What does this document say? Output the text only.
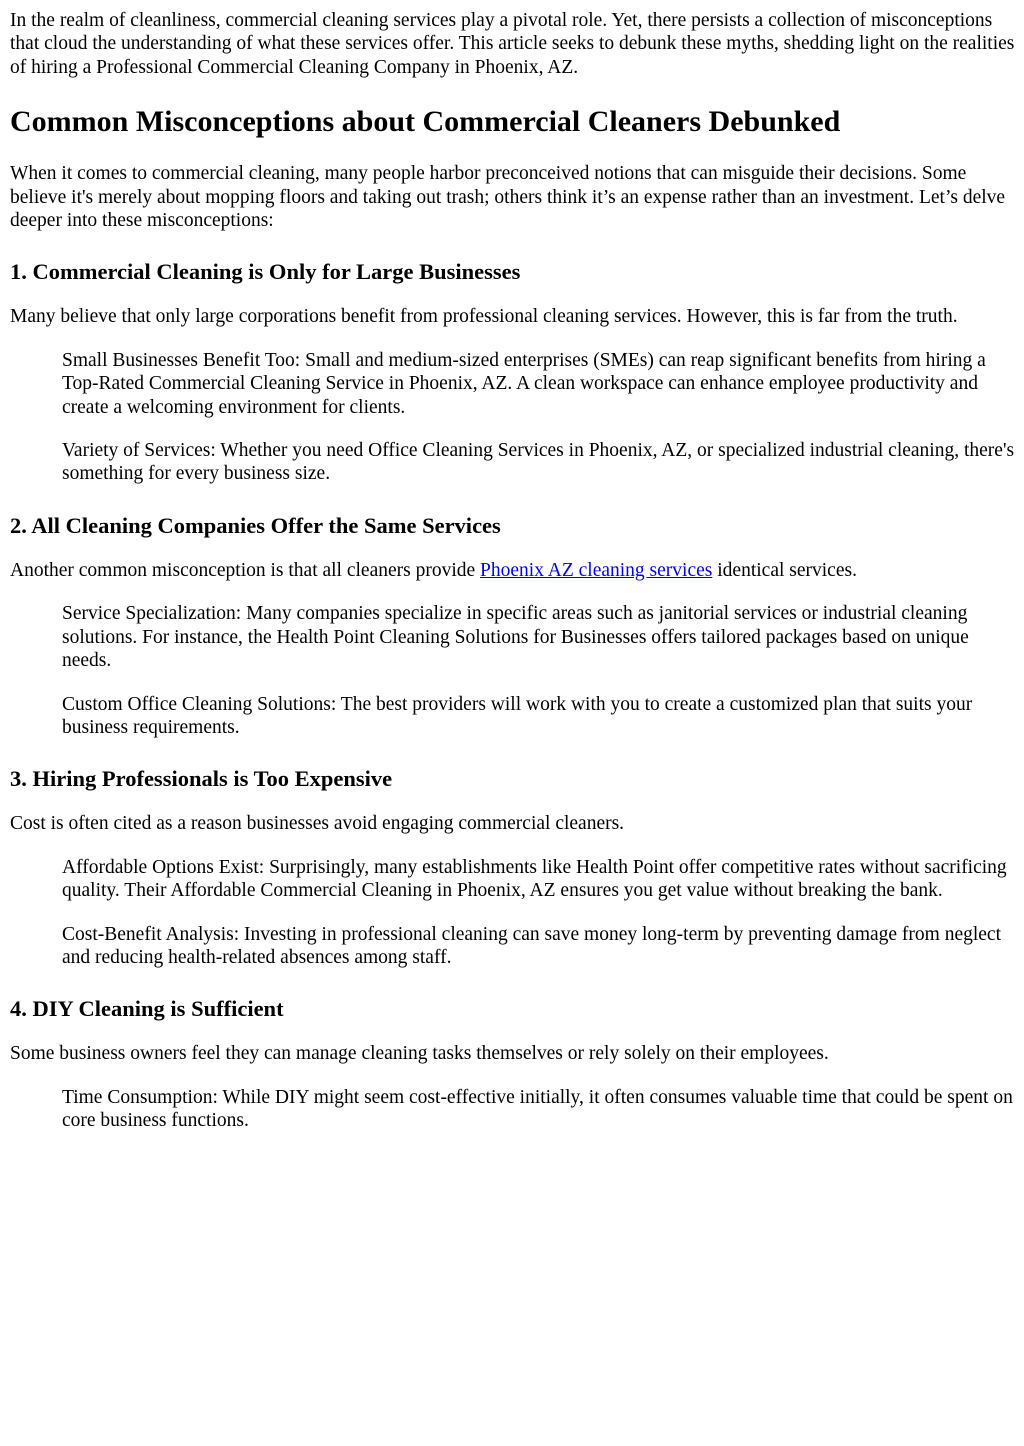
In the realm of cleanliness, commercial cleaning services play a pivotal role. Yet, there persists a collection of misconceptions that cloud the understanding of what these services offer. This article seeks to debunk these myths, shedding light on the realities of hiring a Professional Commercial Cleaning Company in Phoenix, AZ.

Common Misconceptions about Commercial Cleaners Debunked

When it comes to commercial cleaning, many people harbor preconceived notions that can misguide their decisions. Some believe it's merely about mopping floors and taking out trash; others think it’s an expense rather than an investment. Let’s delve deeper into these misconceptions:

1. Commercial Cleaning is Only for Large Businesses

Many believe that only large corporations benefit from professional cleaning services. However, this is far from the truth.

Small Businesses Benefit Too: Small and medium-sized enterprises (SMEs) can reap significant benefits from hiring a Top-Rated Commercial Cleaning Service in Phoenix, AZ. A clean workspace can enhance employee productivity and create a welcoming environment for clients.

Variety of Services: Whether you need Office Cleaning Services in Phoenix, AZ, or specialized industrial cleaning, there's something for every business size.

2. All Cleaning Companies Offer the Same Services

Another common misconception is that all cleaners provide Phoenix AZ cleaning services identical services.

Service Specialization: Many companies specialize in specific areas such as janitorial services or industrial cleaning solutions. For instance, the Health Point Cleaning Solutions for Businesses offers tailored packages based on unique needs.

Custom Office Cleaning Solutions: The best providers will work with you to create a customized plan that suits your business requirements.

3. Hiring Professionals is Too Expensive

Cost is often cited as a reason businesses avoid engaging commercial cleaners.

Affordable Options Exist: Surprisingly, many establishments like Health Point offer competitive rates without sacrificing quality. Their Affordable Commercial Cleaning in Phoenix, AZ ensures you get value without breaking the bank.

Cost-Benefit Analysis: Investing in professional cleaning can save money long-term by preventing damage from neglect and reducing health-related absences among staff.

4. DIY Cleaning is Sufficient

Some business owners feel they can manage cleaning tasks themselves or rely solely on their employees.

Time Consumption: While DIY might seem cost-effective initially, it often consumes valuable time that could be spent on core business functions.
